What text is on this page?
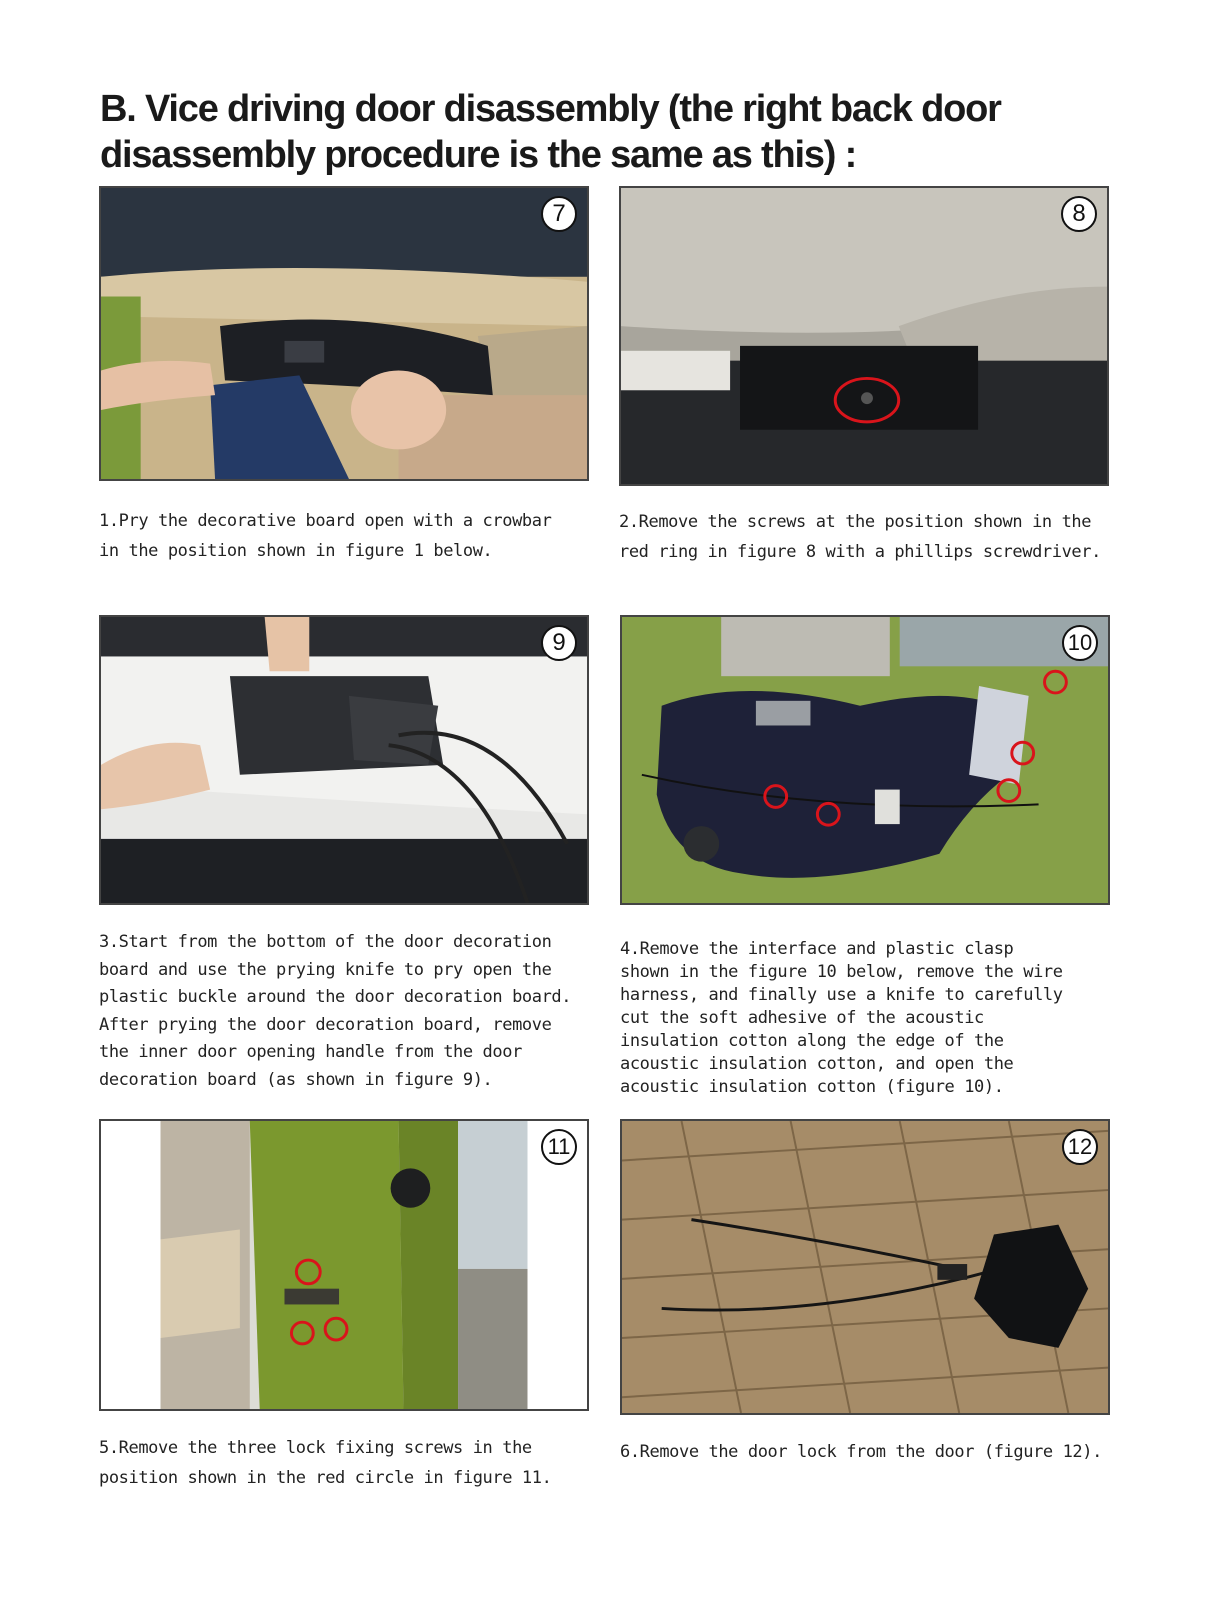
B. Vice driving door disassembly (the right back door
disassembly procedure is the same as this) :
7	8
1.Pry the decorative board open with a crowbar
in the position shown in figure 1 below.
2.Remove the screws at the position shown in the
red ring in figure 8 with a phillips screwdriver.
9	10
3.Start from the bottom of the door decoration
board and use the prying knife to pry open the
plastic buckle around the door decoration board.
After prying the door decoration board, remove
the inner door opening handle from the door
decoration board (as shown in figure 9).
4.Remove the interface and plastic clasp
shown in the figure 10 below, remove the wire
harness, and finally use a knife to carefully
cut the soft adhesive of the acoustic
insulation cotton along the edge of the
acoustic insulation cotton, and open the
acoustic insulation cotton (figure 10).
11	12
5.Remove the three lock fixing screws in the
position shown in the red circle in figure 11.
6.Remove the door lock from the door (figure 12).
